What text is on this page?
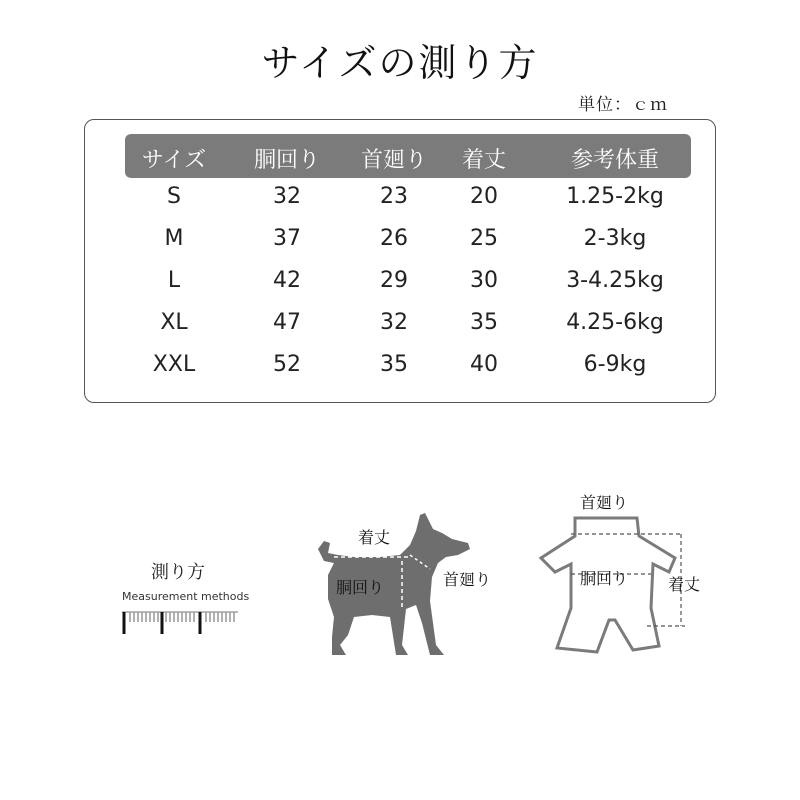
サイズの測り方
単位：ｃｍ
サイズ 胴回り 首廻り 着丈	参考体重
S	32	23	20	1.25-2kg
M	37	26	25	2-3kg
L	42	29	30	3-4.25kg
XL	47	32	35	4.25-6kg
XXL	52	35	40	6-9kg
測り方
Measurement methods
着丈
胴回り	首廻り
首廻り
胴回り 着丈
